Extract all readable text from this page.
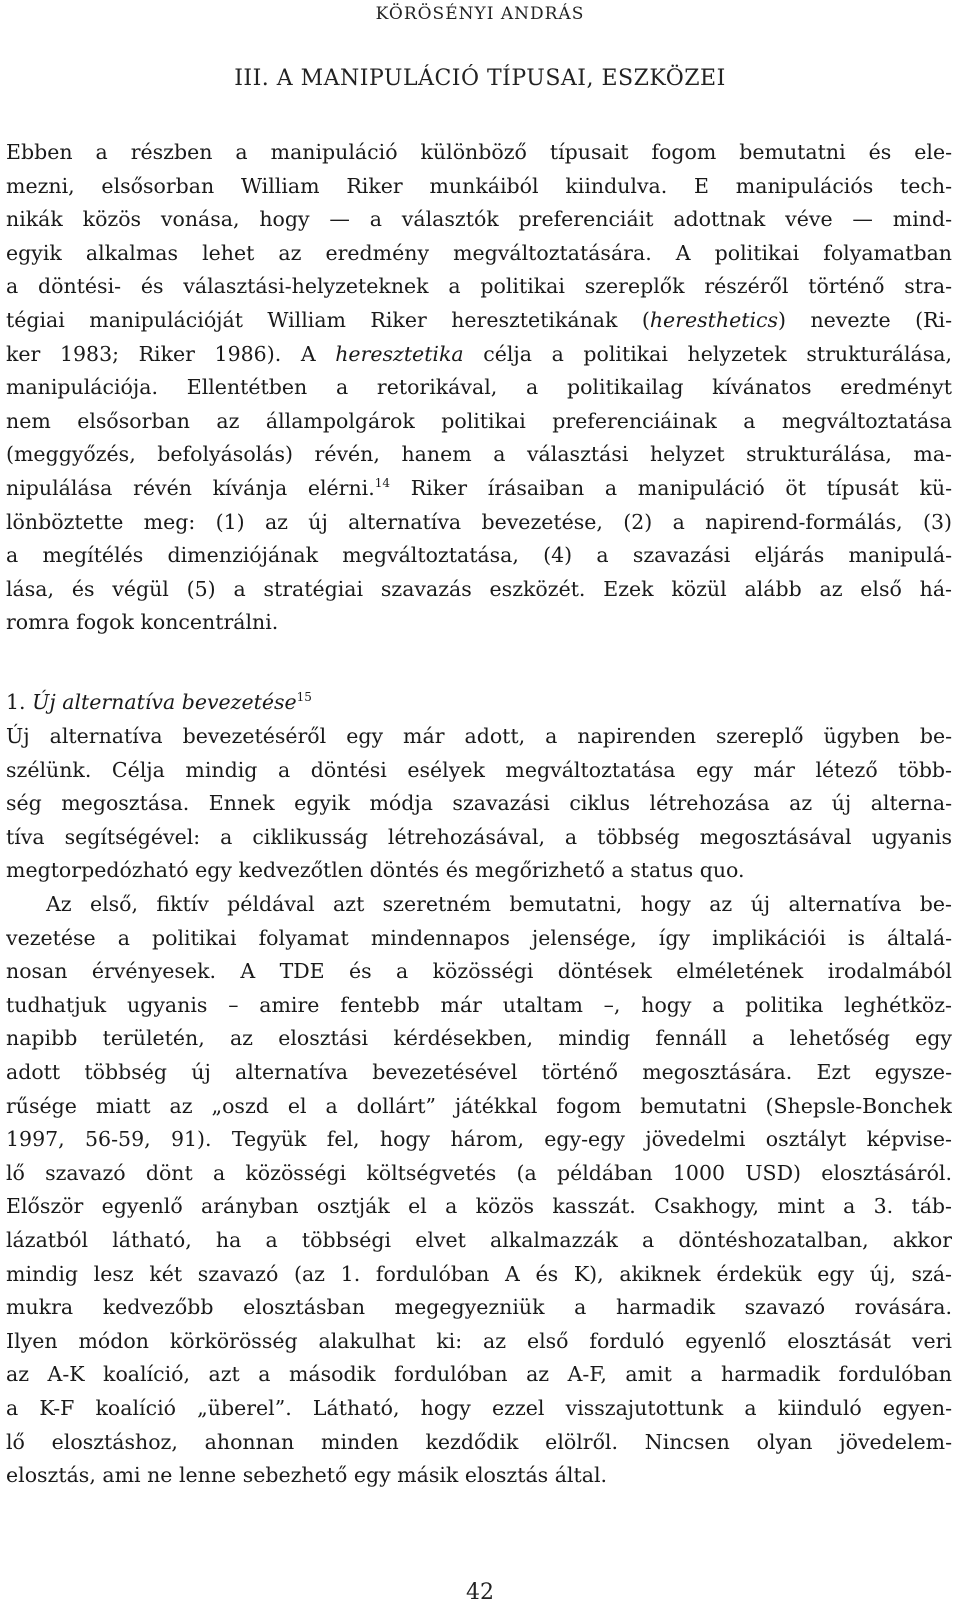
KÖRÖSÉNYI ANDRÁS
III. A MANIPULÁCIÓ TÍPUSAI, ESZKÖZEI
Ebben a részben a manipuláció különböző típusait fogom bemutatni és ele-
mezni, elsősorban William Riker munkáiból kiindulva. E manipulációs tech-
nikák közös vonása, hogy — a választók preferenciáit adottnak véve — mind-
egyik alkalmas lehet az eredmény megváltoztatására. A politikai folyamatban
a döntési- és választási-helyzeteknek a politikai szereplők részéről történő stra-
tégiai manipulációját William Riker heresztetikának (heresthetics) nevezte (Ri-
ker 1983; Riker 1986). A heresztetika célja a politikai helyzetek strukturálása,
manipulációja. Ellentétben a retorikával, a politikailag kívánatos eredményt
nem elsősorban az állampolgárok politikai preferenciáinak a megváltoztatása
(meggyőzés, befolyásolás) révén, hanem a választási helyzet strukturálása, ma-
nipulálása révén kívánja elérni.$^{14}$ Riker írásaiban a manipuláció öt típusát kü-
lönböztette meg: (1) az új alternatíva bevezetése, (2) a napirend-formálás, (3)
a megítélés dimenziójának megváltoztatása, (4) a szavazási eljárás manipulá-
lása, és végül (5) a stratégiai szavazás eszközét. Ezek közül alább az első há-
romra fogok koncentrálni.
1. Új alternatíva bevezetése$^{15}$
Új alternatíva bevezetéséről egy már adott, a napirenden szereplő ügyben be-
szélünk. Célja mindig a döntési esélyek megváltoztatása egy már létező több-
ség megosztása. Ennek egyik módja szavazási ciklus létrehozása az új alterna-
tíva segítségével: a ciklikusság létrehozásával, a többség megosztásával ugyanis
megtorpedózható egy kedvezőtlen döntés és megőrizhető a status quo.
Az első, fiktív példával azt szeretném bemutatni, hogy az új alternatíva be-
vezetése a politikai folyamat mindennapos jelensége, így implikációi is általá-
nosan érvényesek. A TDE és a közösségi döntések elméletének irodalmából
tudhatjuk ugyanis – amire fentebb már utaltam –, hogy a politika leghétköz-
napibb területén, az elosztási kérdésekben, mindig fennáll a lehetőség egy
adott többség új alternatíva bevezetésével történő megosztására. Ezt egysze-
rűsége miatt az „oszd el a dollárt” játékkal fogom bemutatni (Shepsle-Bonchek
1997, 56-59, 91). Tegyük fel, hogy három, egy-egy jövedelmi osztályt képvise-
lő szavazó dönt a közösségi költségvetés (a példában 1000 USD) elosztásáról.
Először egyenlő arányban osztják el a közös kasszát. Csakhogy, mint a 3. táb-
lázatból látható, ha a többségi elvet alkalmazzák a döntéshozatalban, akkor
mindig lesz két szavazó (az 1. fordulóban A és K), akiknek érdekük egy új, szá-
mukra kedvezőbb elosztásban megegyezniük a harmadik szavazó rovására.
Ilyen módon körkörösség alakulhat ki: az első forduló egyenlő elosztását veri
az A-K koalíció, azt a második fordulóban az A-F, amit a harmadik fordulóban
a K-F koalíció „überel”. Látható, hogy ezzel visszajutottunk a kiinduló egyen-
lő elosztáshoz, ahonnan minden kezdődik elölről. Nincsen olyan jövedelem-
elosztás, ami ne lenne sebezhető egy másik elosztás által.
42
